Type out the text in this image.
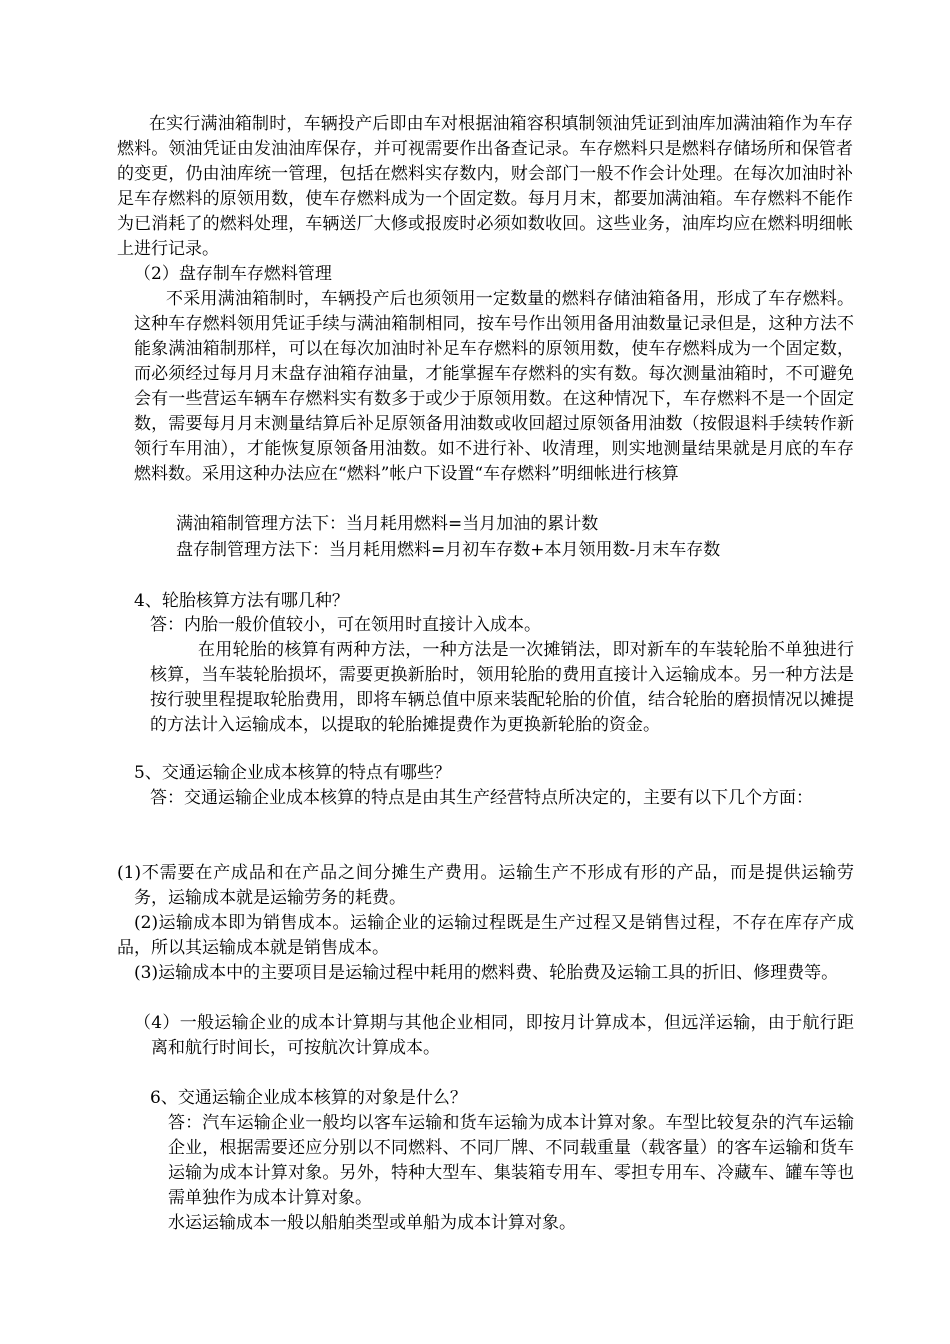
在实行满油箱制时，车辆投产后即由车对根据油箱容积填制领油凭证到油库加满油箱作为车存燃料。领油凭证由发油油库保存，并可视需要作出备查记录。车存燃料只是燃料存储场所和保管者的变更，仍由油库统一管理，包括在燃料实存数内，财会部门一般不作会计处理。在每次加油时补足车存燃料的原领用数，使车存燃料成为一个固定数。每月月末，都要加满油箱。车存燃料不能作为已消耗了的燃料处理，车辆送厂大修或报废时必须如数收回。这些业务，油库均应在燃料明细帐上进行记录。

（2）盘存制车存燃料管理

不采用满油箱制时，车辆投产后也须领用一定数量的燃料存储油箱备用，形成了车存燃料。这种车存燃料领用凭证手续与满油箱制相同，按车号作出领用备用油数量记录但是，这种方法不能象满油箱制那样，可以在每次加油时补足车存燃料的原领用数，使车存燃料成为一个固定数，而必须经过每月月末盘存油箱存油量，才能掌握车存燃料的实有数。每次测量油箱时，不可避免会有一些营运车辆车存燃料实有数多于或少于原领用数。在这种情况下，车存燃料不是一个固定数，需要每月月末测量结算后补足原领备用油数或收回超过原领备用油数（按假退料手续转作新领行车用油），才能恢复原领备用油数。如不进行补、收清理，则实地测量结果就是月底的车存燃料数。采用这种办法应在“燃料”帐户下设置“车存燃料”明细帐进行核算

满油箱制管理方法下：当月耗用燃料=当月加油的累计数

盘存制管理方法下：当月耗用燃料=月初车存数+本月领用数-月末车存数

4、轮胎核算方法有哪几种？

答：内胎一般价值较小，可在领用时直接计入成本。

在用轮胎的核算有两种方法，一种方法是一次摊销法，即对新车的车装轮胎不单独进行核算，当车装轮胎损坏，需要更换新胎时，领用轮胎的费用直接计入运输成本。另一种方法是按行驶里程提取轮胎费用，即将车辆总值中原来装配轮胎的价值，结合轮胎的磨损情况以摊提的方法计入运输成本，以提取的轮胎摊提费作为更换新轮胎的资金。

5、交通运输企业成本核算的特点有哪些？

答：交通运输企业成本核算的特点是由其生产经营特点所决定的，主要有以下几个方面：

(1)不需要在产成品和在产品之间分摊生产费用。运输生产不形成有形的产品，而是提供运输劳务，运输成本就是运输劳务的耗费。

(2)运输成本即为销售成本。运输企业的运输过程既是生产过程又是销售过程，不存在库存产成品，所以其运输成本就是销售成本。

(3)运输成本中的主要项目是运输过程中耗用的燃料费、轮胎费及运输工具的折旧、修理费等。

（4）一般运输企业的成本计算期与其他企业相同，即按月计算成本，但远洋运输，由于航行距离和航行时间长，可按航次计算成本。

6、交通运输企业成本核算的对象是什么？

答：汽车运输企业一般均以客车运输和货车运输为成本计算对象。车型比较复杂的汽车运输企业，根据需要还应分别以不同燃料、不同厂牌、不同载重量（载客量）的客车运输和货车运输为成本计算对象。另外，特种大型车、集装箱专用车、零担专用车、冷藏车、罐车等也需单独作为成本计算对象。

水运运输成本一般以船舶类型或单船为成本计算对象。
